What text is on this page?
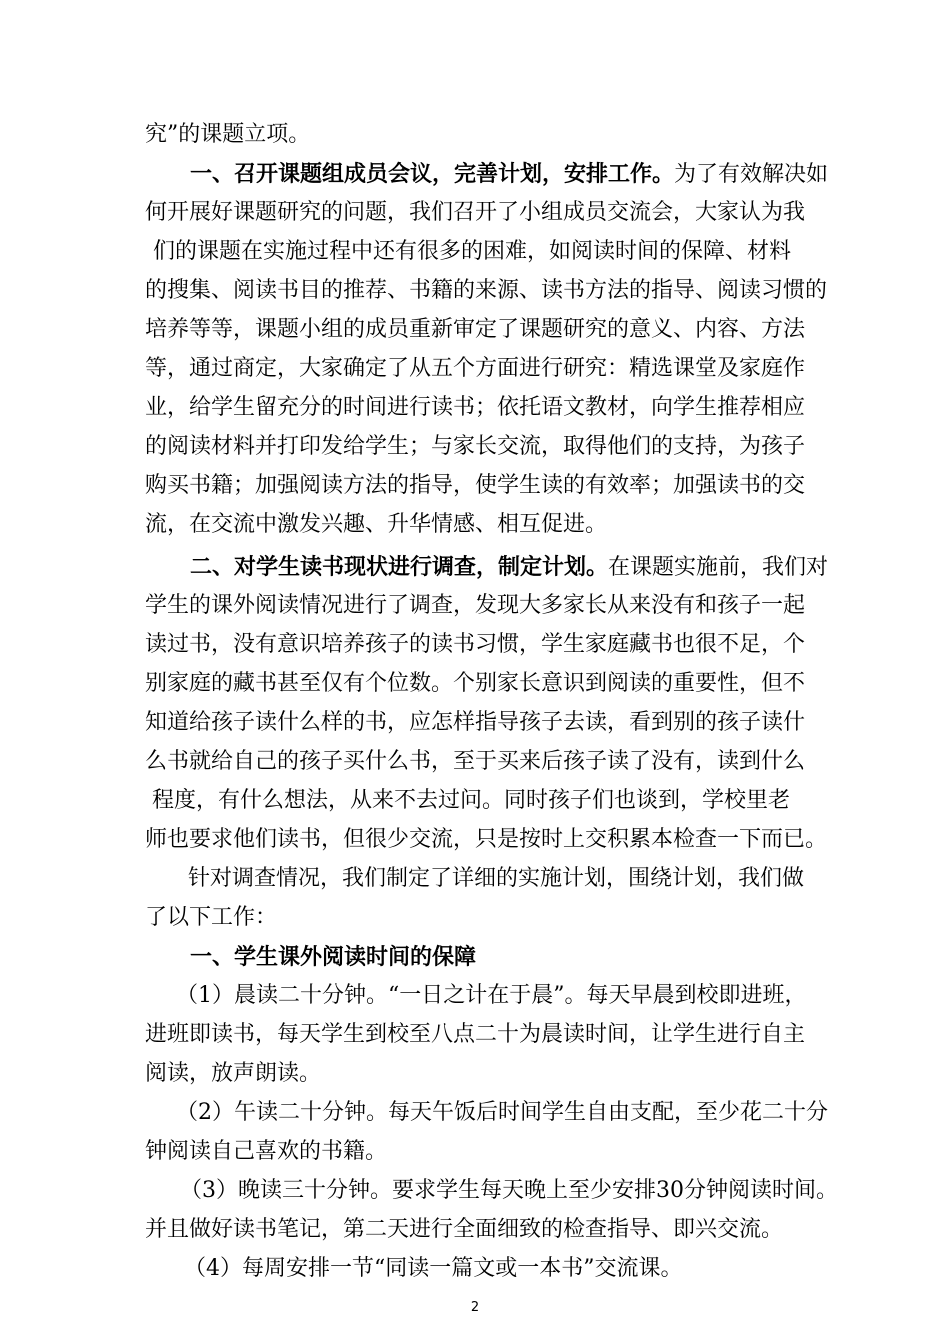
究”的课题立项。
一、召开课题组成员会议，完善计划，安排工作。为了有效解决如
何开展好课题研究的问题，我们召开了小组成员交流会，大家认为我
们的课题在实施过程中还有很多的困难，如阅读时间的保障、材料
的搜集、阅读书目的推荐、书籍的来源、读书方法的指导、阅读习惯的
培养等等，课题小组的成员重新审定了课题研究的意义、内容、方法
等，通过商定，大家确定了从五个方面进行研究：精选课堂及家庭作
业，给学生留充分的时间进行读书；依托语文教材，向学生推荐相应
的阅读材料并打印发给学生；与家长交流，取得他们的支持，为孩子
购买书籍；加强阅读方法的指导，使学生读的有效率；加强读书的交
流，在交流中激发兴趣、升华情感、相互促进。
二、对学生读书现状进行调查，制定计划。在课题实施前，我们对
学生的课外阅读情况进行了调查，发现大多家长从来没有和孩子一起
读过书，没有意识培养孩子的读书习惯，学生家庭藏书也很不足，个
别家庭的藏书甚至仅有个位数。个别家长意识到阅读的重要性，但不
知道给孩子读什么样的书，应怎样指导孩子去读，看到别的孩子读什
么书就给自己的孩子买什么书，至于买来后孩子读了没有，读到什么
程度，有什么想法，从来不去过问。同时孩子们也谈到，学校里老
师也要求他们读书，但很少交流，只是按时上交积累本检查一下而已。
针对调查情况，我们制定了详细的实施计划，围绕计划，我们做
了以下工作：
一、学生课外阅读时间的保障
（1）晨读二十分钟。“一日之计在于晨”。每天早晨到校即进班，
进班即读书，每天学生到校至八点二十为晨读时间，让学生进行自主
阅读，放声朗读。
（2）午读二十分钟。每天午饭后时间学生自由支配，至少花二十分
钟阅读自己喜欢的书籍。
（3）晚读三十分钟。要求学生每天晚上至少安排30分钟阅读时间。
并且做好读书笔记，第二天进行全面细致的检查指导、即兴交流。
（4）每周安排一节“同读一篇文或一本书”交流课。
2
